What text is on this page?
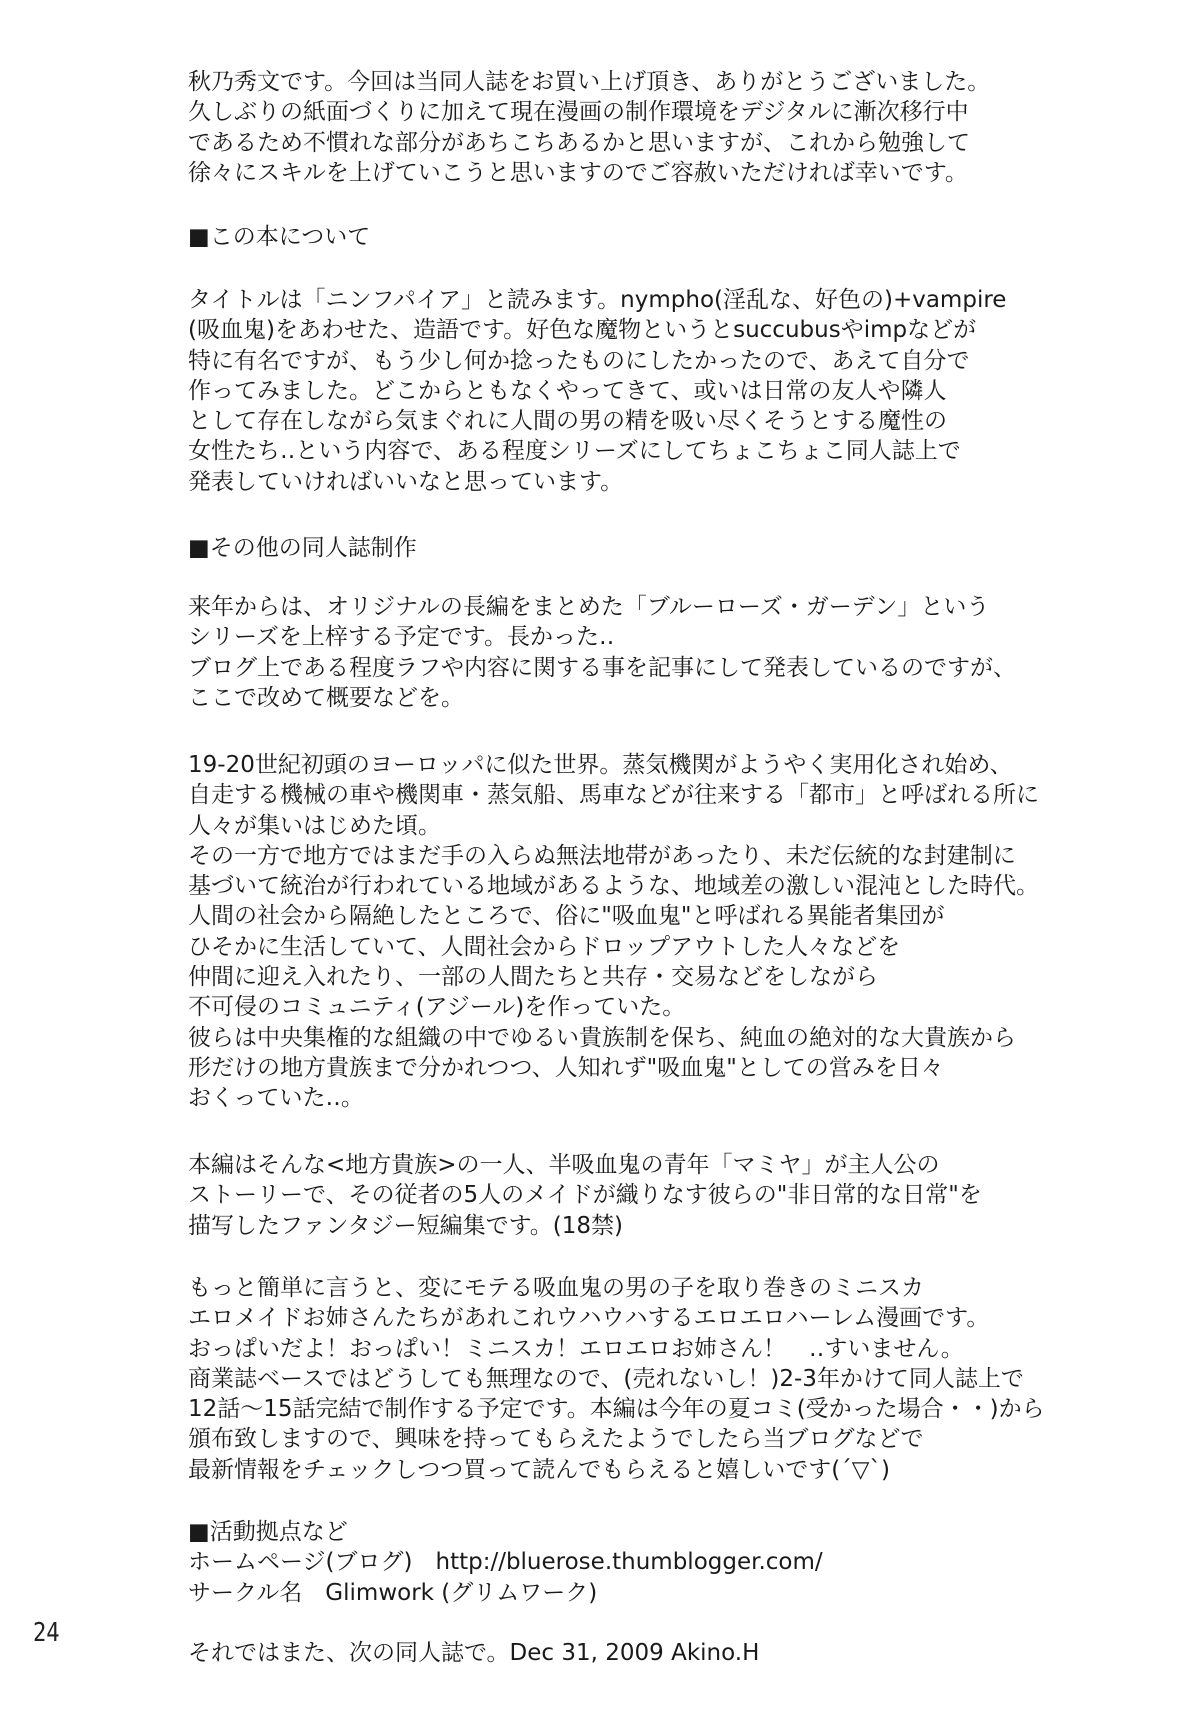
秋乃秀文です。今回は当同人誌をお買い上げ頂き、ありがとうございました。
久しぶりの紙面づくりに加えて現在漫画の制作環境をデジタルに漸次移行中
であるため不慣れな部分があちこちあるかと思いますが、これから勉強して
徐々にスキルを上げていこうと思いますのでご容赦いただければ幸いです。
■この本について
タイトルは「ニンフパイア」と読みます。nympho(淫乱な、好色の)+vampire
(吸血鬼)をあわせた、造語です。好色な魔物というとsuccubusやimpなどが
特に有名ですが、もう少し何か捻ったものにしたかったので、あえて自分で
作ってみました。どこからともなくやってきて、或いは日常の友人や隣人
として存在しながら気まぐれに人間の男の精を吸い尽くそうとする魔性の
女性たち‥という内容で、ある程度シリーズにしてちょこちょこ同人誌上で
発表していければいいなと思っています。
■その他の同人誌制作
来年からは、オリジナルの長編をまとめた「ブルーローズ・ガーデン」という
シリーズを上梓する予定です。長かった‥
ブログ上である程度ラフや内容に関する事を記事にして発表しているのですが、
ここで改めて概要などを。
19-20世紀初頭のヨーロッパに似た世界。蒸気機関がようやく実用化され始め、
自走する機械の車や機関車・蒸気船、馬車などが往来する「都市」と呼ばれる所に
人々が集いはじめた頃。
その一方で地方ではまだ手の入らぬ無法地帯があったり、未だ伝統的な封建制に
基づいて統治が行われている地域があるような、地域差の激しい混沌とした時代。
人間の社会から隔絶したところで、俗に"吸血鬼"と呼ばれる異能者集団が
ひそかに生活していて、人間社会からドロップアウトした人々などを
仲間に迎え入れたり、一部の人間たちと共存・交易などをしながら
不可侵のコミュニティ(アジール)を作っていた。
彼らは中央集権的な組織の中でゆるい貴族制を保ち、純血の絶対的な大貴族から
形だけの地方貴族まで分かれつつ、人知れず"吸血鬼"としての営みを日々
おくっていた‥。
本編はそんな<地方貴族>の一人、半吸血鬼の青年「マミヤ」が主人公の
ストーリーで、その従者の5人のメイドが織りなす彼らの"非日常的な日常"を
描写したファンタジー短編集です。(18禁)
もっと簡単に言うと、変にモテる吸血鬼の男の子を取り巻きのミニスカ
エロメイドお姉さんたちがあれこれウハウハするエロエロハーレム漫画です。
おっぱいだよ！おっぱい！ミニスカ！エロエロお姉さん！　‥すいません。
商業誌ベースではどうしても無理なので、(売れないし！)2-3年かけて同人誌上で
12話～15話完結で制作する予定です。本編は今年の夏コミ(受かった場合・・)から
頒布致しますので、興味を持ってもらえたようでしたら当ブログなどで
最新情報をチェックしつつ買って読んでもらえると嬉しいです(´▽`)
■活動拠点など
ホームページ(ブログ)　http://bluerose.thumblogger.com/
サークル名　Glimwork (グリムワーク)
それではまた、次の同人誌で。Dec 31, 2009 Akino.H
24
